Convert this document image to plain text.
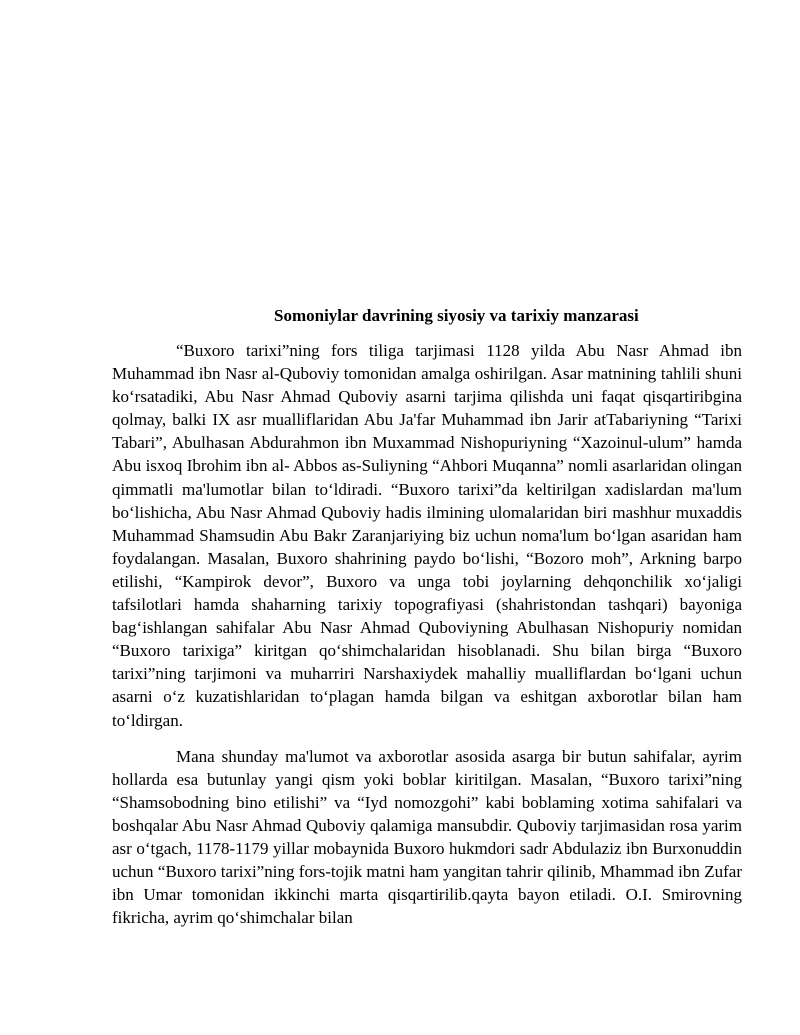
Somoniylar davrining siyosiy va tarixiy manzarasi

“Buxoro tarixi”ning fors tiliga tarjimasi 1128 yilda Abu Nasr Ahmad ibn Muhammad ibn Nasr al-Quboviy tomonidan amalga oshirilgan. Asar matnining tahlili shuni ko‘rsatadiki, Abu Nasr Ahmad Quboviy asarni tarjima qilishda uni faqat qisqartiribgina qolmay, balki IX asr mualliflaridan Abu Ja'far Muhammad ibn Jarir atTabariyning “Tarixi Tabari”, Abulhasan Abdurahmon ibn Muxammad Nishopuriyning “Xazoinul-ulum” hamda Abu isxoq Ibrohim ibn al- Abbos as-Suliyning “Ahbori Muqanna” nomli asarlaridan olingan qimmatli ma'lumotlar bilan to‘ldiradi. “Buxoro tarixi”da keltirilgan xadislardan ma'lum bo‘lishicha, Abu Nasr Ahmad Quboviy hadis ilmining ulomalaridan biri mashhur muxaddis Muhammad Shamsudin Abu Bakr Zaranjariying biz uchun noma'lum bo‘lgan asaridan ham foydalangan. Masalan, Buxoro shahrining paydo bo‘lishi, “Bozoro moh”, Arkning barpo etilishi, “Kampirok devor”, Buxoro va unga tobi joylarning dehqonchilik xo‘jaligi tafsilotlari hamda shaharning tarixiy topografiyasi (shahristondan tashqari) bayoniga bag‘ishlangan sahifalar Abu Nasr Ahmad Quboviyning Abulhasan Nishopuriy nomidan “Buxoro tarixiga” kiritgan qo‘shimchalaridan hisoblanadi. Shu bilan birga “Buxoro tarixi”ning tarjimoni va muharriri Narshaxiydek mahalliy mualliflardan bo‘lgani uchun asarni o‘z kuzatishlaridan to‘plagan hamda bilgan va eshitgan axborotlar bilan ham to‘ldirgan.

Mana shunday ma'lumot va axborotlar asosida asarga bir butun sahifalar, ayrim hollarda esa butunlay yangi qism yoki boblar kiritilgan. Masalan, “Buxoro tarixi”ning “Shamsobodning bino etilishi” va “Iyd nomozgohi” kabi boblaming xotima sahifalari va boshqalar Abu Nasr Ahmad Quboviy qalamiga mansubdir. Quboviy tarjimasidan rosa yarim asr o‘tgach, 1178-1179 yillar mobaynida Buxoro hukmdori sadr Abdulaziz ibn Burxonuddin uchun “Buxoro tarixi”ning fors-tojik matni ham yangitan tahrir qilinib, Mhammad ibn Zufar ibn Umar tomonidan ikkinchi marta qisqartirilib.qayta bayon etiladi. O.I. Smirovning fikricha, ayrim qo‘shimchalar bilan
